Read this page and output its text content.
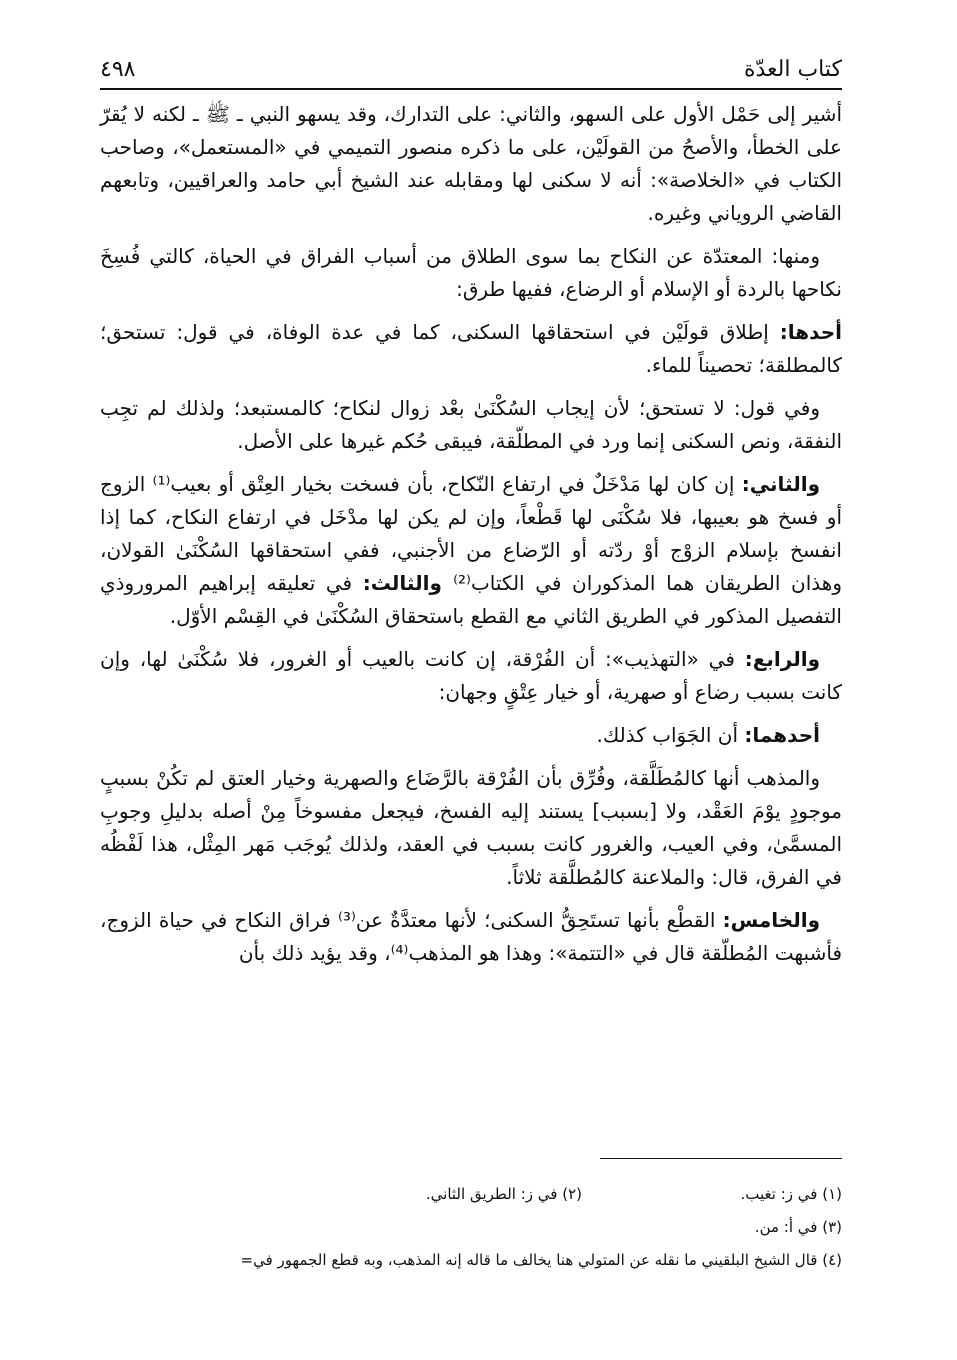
كتاب العدّة
٤٩٨

أشير إلى حَمْل الأول على السهو، والثاني: على التدارك، وقد يسهو النبي ـ ﷺ ـ لكنه لا يُقرّ على الخطأ، والأصحُ من القولَيْن، على ما ذكره منصور التميمي في «المستعمل»، وصاحب الكتاب في «الخلاصة»: أنه لا سكنى لها ومقابله عند الشيخ أبي حامد والعراقيين، وتابعهم القاضي الروياني وغيره.

ومنها: المعتدّة عن النكاح بما سوى الطلاق من أسباب الفراق في الحياة، كالتي فُسِخَ نكاحها بالردة أو الإسلام أو الرضاع، ففيها طرق:

أحدها: إطلاق قولَيْن في استحقاقها السكنى، كما في عدة الوفاة، في قول: تستحق؛ كالمطلقة؛ تحصيناً للماء.

وفي قول: لا تستحق؛ لأن إيجاب السُكْنَىٰ بعْد زوال لنكاح؛ كالمستبعد؛ ولذلك لم تجِب النفقة، ونص السكنى إنما ورد في المطلّقة، فيبقى حُكم غيرها على الأصل.

والثاني: إن كان لها مَدْخَلٌ في ارتفاع النّكاح، بأن فسخت بخيار العِتْق أو بعيب⁽¹⁾ الزوج أو فسخ هو بعيبها، فلا سُكْنَى لها قَطْعاً، وإن لم يكن لها مدْخَل في ارتفاع النكاح، كما إذا انفسخ بإسلام الزوْج أوْ ردّته أو الرّضاع من الأجنبي، ففي استحقاقها السُكْنَىٰ القولان، وهذان الطريقان هما المذكوران في الكتاب⁽²⁾ والثالث: في تعليقه إبراهيم المروروذي التفصيل المذكور في الطريق الثاني مع القطع باستحقاق السُكْنَىٰ في القِسْم الأوّل.

والرابع: في «التهذيب»: أن الفُرْقة، إن كانت بالعيب أو الغرور، فلا سُكْنَىٰ لها، وإن كانت بسبب رضاع أو صهرية، أو خيار عِتْقٍ وجهان:

أحدهما: أن الجَوَاب كذلك.

والمذهب أنها كالمُطَلَّقة، وفُرِّق بأن الفُرْقة بالرَّضَاع والصهرية وخيار العتق لم تكُنْ بسببٍ موجودٍ يوْمَ العَقْد، ولا [بسبب] يستند إليه الفسخ، فيجعل مفسوخاً مِنْ أصله بدليلِ وجوبِ المسمَّىٰ، وفي العيب، والغرور كانت بسبب في العقد، ولذلك يُوجَب مَهر المِثْل، هذا لَفْظُه في الفرق، قال: والملاعنة كالمُطلَّقة ثلاثاً.

والخامس: القطْع بأنها تستَحِقُّ السكنى؛ لأنها معتدَّةٌ عن⁽³⁾ فراق النكاح في حياة الزوج، فأشبهت المُطلّقة قال في «التتمة»: وهذا هو المذهب⁽⁴⁾، وقد يؤيد ذلك بأن

(١) في ز: تغيب.
(٢) في ز: الطريق الثاني.
(٣) في أ: من.
(٤) قال الشيخ البلقيني ما نقله عن المتولي هنا يخالف ما قاله إنه المذهب، وبه قطع الجمهور في=
